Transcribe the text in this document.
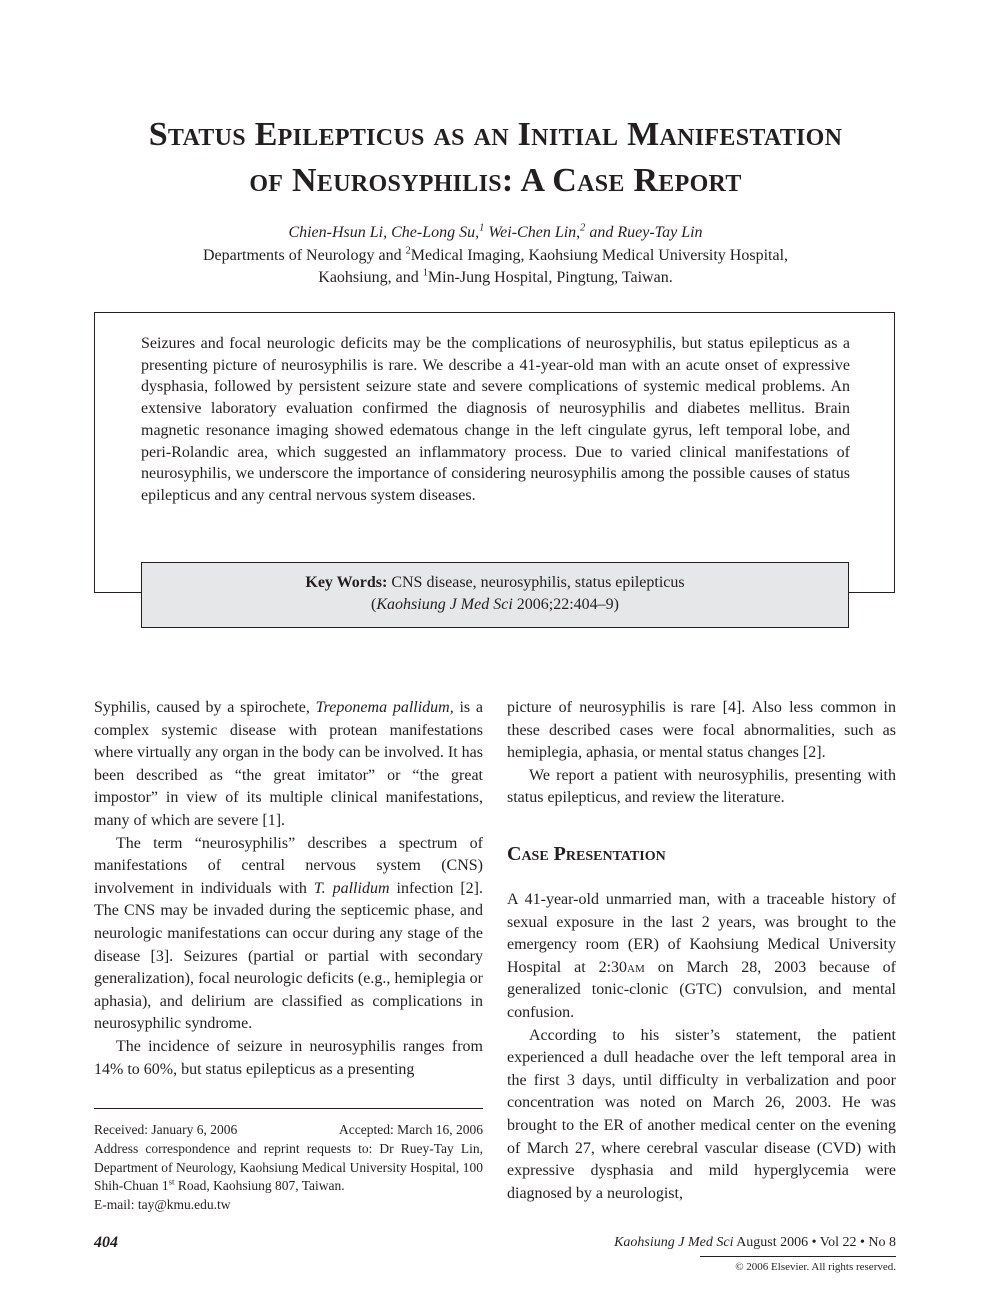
Status Epilepticus as an Initial Manifestation
of Neurosyphilis: A Case Report
Chien-Hsun Li, Che-Long Su,$^1$ Wei-Chen Lin,$^2$ and Ruey-Tay Lin
Departments of Neurology and $^2$Medical Imaging, Kaohsiung Medical University Hospital,
Kaohsiung, and $^1$Min-Jung Hospital, Pingtung, Taiwan.

Seizures and focal neurologic deficits may be the complications of neurosyphilis, but status epilepticus as a presenting picture of neurosyphilis is rare. We describe a 41-year-old man with an acute onset of expressive dysphasia, followed by persistent seizure state and severe complications of systemic medical problems. An extensive laboratory evaluation confirmed the diagnosis of neurosyphilis and diabetes mellitus. Brain magnetic resonance imaging showed edematous change in the left cingulate gyrus, left temporal lobe, and peri-Rolandic area, which suggested an inflammatory process. Due to varied clinical manifestations of neurosyphilis, we underscore the importance of considering neurosyphilis among the possible causes of status epilepticus and any central nervous system diseases.

Key Words: CNS disease, neurosyphilis, status epilepticus
(Kaohsiung J Med Sci 2006;22:404–9)

Syphilis, caused by a spirochete, Treponema pallidum, is a complex systemic disease with protean manifestations where virtually any organ in the body can be involved. It has been described as “the great imitator” or “the great impostor” in view of its multiple clinical manifestations, many of which are severe [1].

The term “neurosyphilis” describes a spectrum of manifestations of central nervous system (CNS) involvement in individuals with T. pallidum infection [2]. The CNS may be invaded during the septicemic phase, and neurologic manifestations can occur during any stage of the disease [3]. Seizures (partial or partial with secondary generalization), focal neurologic deficits (e.g., hemiplegia or aphasia), and delirium are classified as complications in neurosyphilic syndrome.

The incidence of seizure in neurosyphilis ranges from 14% to 60%, but status epilepticus as a presenting

picture of neurosyphilis is rare [4]. Also less common in these described cases were focal abnormalities, such as hemiplegia, aphasia, or mental status changes [2].

We report a patient with neurosyphilis, presenting with status epilepticus, and review the literature.

Case Presentation

A 41-year-old unmarried man, with a traceable history of sexual exposure in the last 2 years, was brought to the emergency room (ER) of Kaohsiung Medical University Hospital at 2:30am on March 28, 2003 because of generalized tonic-clonic (GTC) convulsion, and mental confusion.

According to his sister’s statement, the patient experienced a dull headache over the left temporal area in the first 3 days, until difficulty in verbalization and poor concentration was noted on March 26, 2003. He was brought to the ER of another medical center on the evening of March 27, where cerebral vascular disease (CVD) with expressive dysphasia and mild hyperglycemia were diagnosed by a neurologist,

Received: January 6, 2006	Accepted: March 16, 2006
Address correspondence and reprint requests to: Dr Ruey-Tay Lin, Department of Neurology, Kaohsiung Medical University Hospital, 100 Shih-Chuan 1st Road, Kaohsiung 807, Taiwan.
E-mail: tay@kmu.edu.tw
404	Kaohsiung J Med Sci August 2006 • Vol 22 • No 8
© 2006 Elsevier. All rights reserved.
